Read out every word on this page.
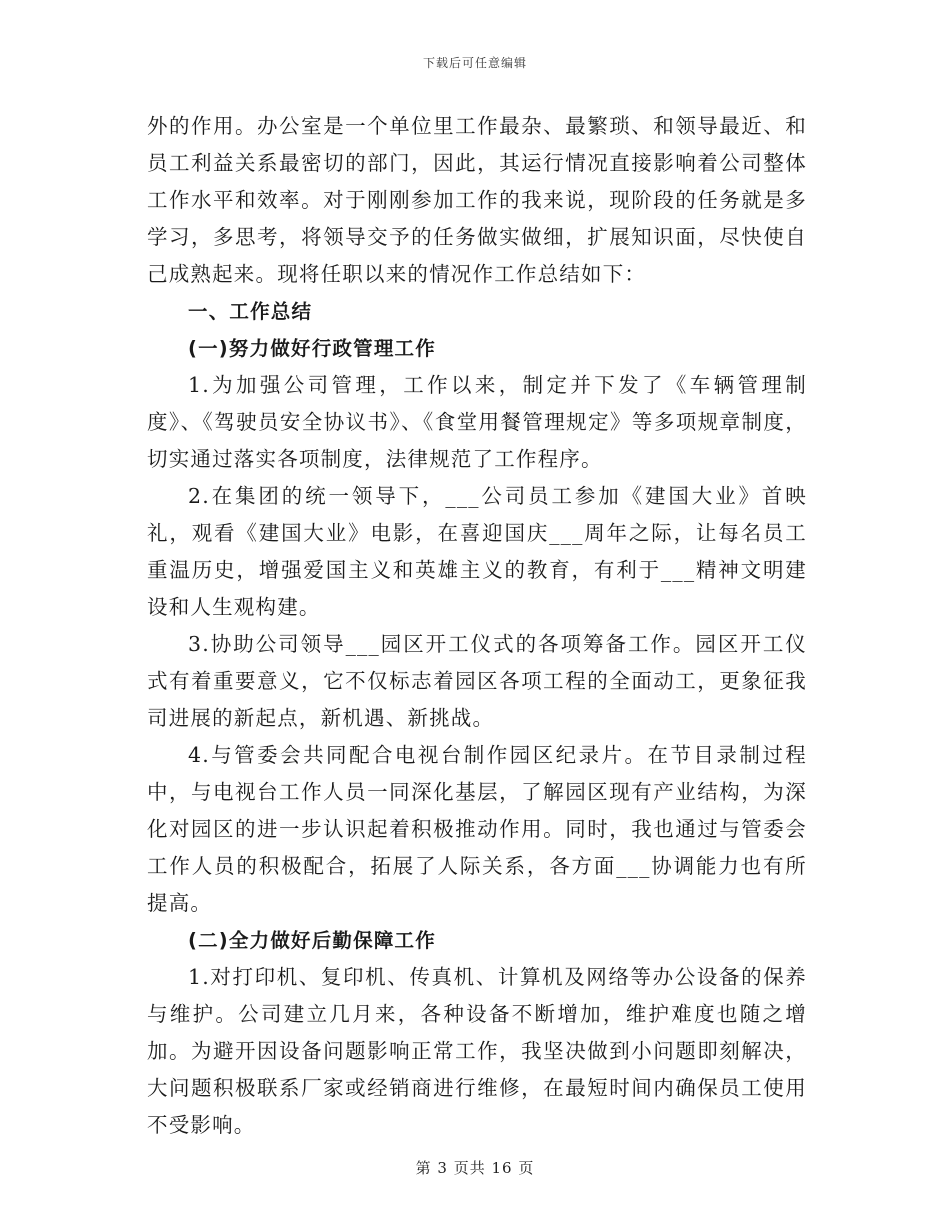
下载后可任意编辑

外的作用。办公室是一个单位里工作最杂、最繁琐、和领导最近、和员工利益关系最密切的部门，因此，其运行情况直接影响着公司整体工作水平和效率。对于刚刚参加工作的我来说，现阶段的任务就是多学习，多思考，将领导交予的任务做实做细，扩展知识面，尽快使自己成熟起来。现将任职以来的情况作工作总结如下：

一、工作总结

(一)努力做好行政管理工作

1.为加强公司管理，工作以来，制定并下发了《车辆管理制度》、《驾驶员安全协议书》、《食堂用餐管理规定》等多项规章制度，切实通过落实各项制度，法律规范了工作程序。

2.在集团的统一领导下，___公司员工参加《建国大业》首映礼，观看《建国大业》电影，在喜迎国庆___周年之际，让每名员工重温历史，增强爱国主义和英雄主义的教育，有利于___精神文明建设和人生观构建。

3.协助公司领导___园区开工仪式的各项筹备工作。园区开工仪式有着重要意义，它不仅标志着园区各项工程的全面动工，更象征我司进展的新起点，新机遇、新挑战。

4.与管委会共同配合电视台制作园区纪录片。在节目录制过程中，与电视台工作人员一同深化基层，了解园区现有产业结构，为深化对园区的进一步认识起着积极推动作用。同时，我也通过与管委会工作人员的积极配合，拓展了人际关系，各方面___协调能力也有所提高。

(二)全力做好后勤保障工作

1.对打印机、复印机、传真机、计算机及网络等办公设备的保养与维护。公司建立几月来，各种设备不断增加，维护难度也随之增加。为避开因设备问题影响正常工作，我坚决做到小问题即刻解决，大问题积极联系厂家或经销商进行维修，在最短时间内确保员工使用不受影响。

第 3 页共 16 页
